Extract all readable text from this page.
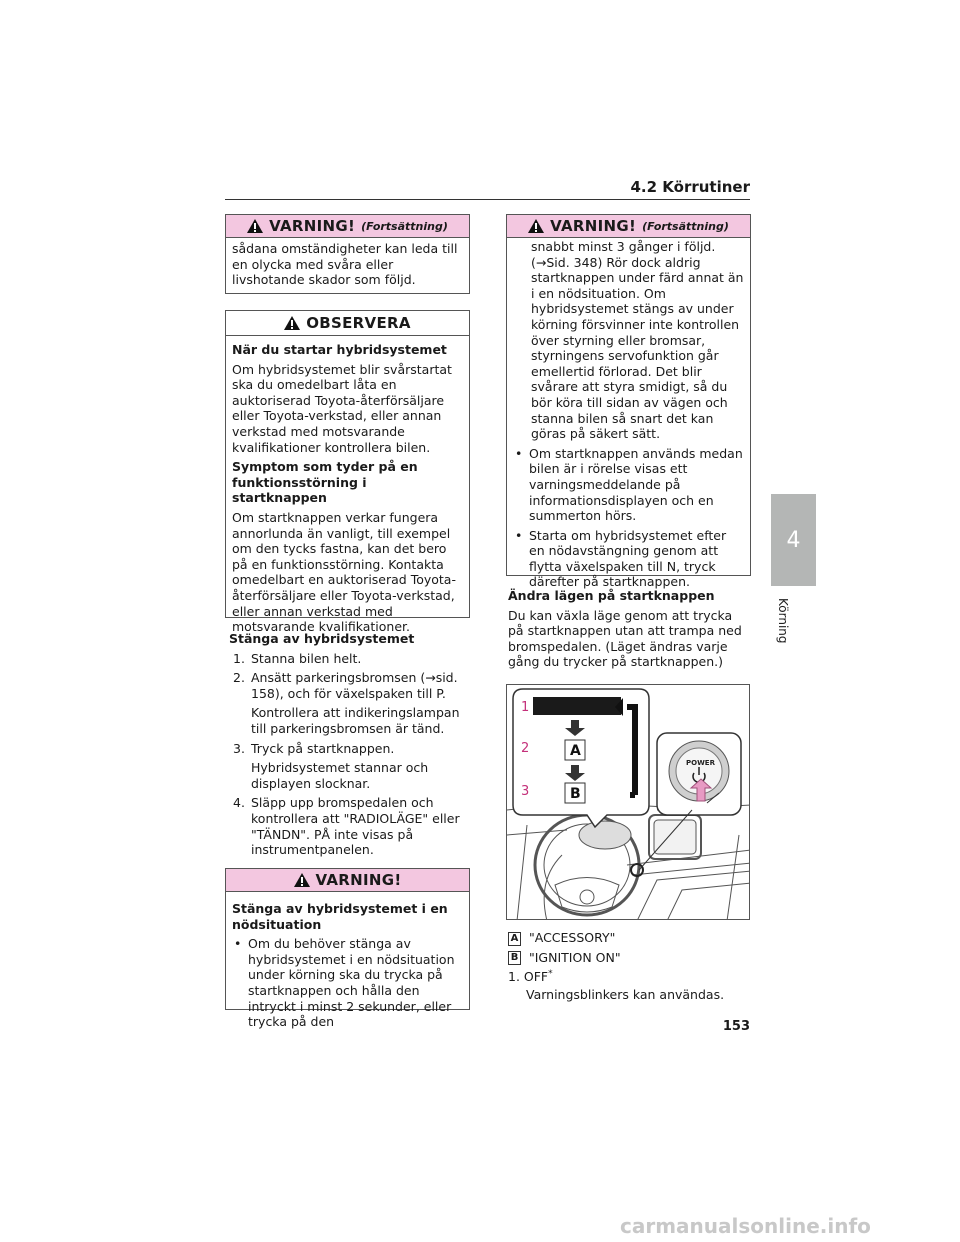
4.2 Körrutiner
VARNING! (Fortsättning)

sådana omständigheter kan leda till en olycka med svåra eller livshotande skador som följd.

OBSERVERA

När du startar hybridsystemet

Om hybridsystemet blir svårstartat ska du omedelbart låta en auktoriserad Toyota-återförsäljare eller Toyota-verkstad, eller annan verkstad med motsvarande kvalifikationer kontrollera bilen.

Symptom som tyder på en funktionsstörning i startknappen

Om startknappen verkar fungera annorlunda än vanligt, till exempel om den tycks fastna, kan det bero på en funktionsstörning. Kontakta omedelbart en auktoriserad Toyota-återförsäljare eller Toyota-verkstad, eller annan verkstad med motsvarande kvalifikationer.

Stänga av hybridsystemet

1. Stanna bilen helt.

2. Ansätt parkeringsbromsen (→sid. 158), och för växelspaken till P.

Kontrollera att indikeringslampan till parkeringsbromsen är tänd.

3. Tryck på startknappen.

Hybridsystemet stannar och displayen slocknar.

4. Släpp upp bromspedalen och kontrollera att "RADIOLÄGE" eller "TÄNDN". PÅ inte visas på instrumentpanelen.

VARNING!

Stänga av hybridsystemet i en nödsituation

• Om du behöver stänga av hybridsystemet i en nödsituation under körning ska du trycka på startknappen och hålla den intryckt i minst 2 sekunder, eller trycka på den

VARNING! (Fortsättning)

snabbt minst 3 gånger i följd. (→Sid. 348) Rör dock aldrig startknappen under färd annat än i en nödsituation. Om hybridsystemet stängs av under körning försvinner inte kontrollen över styrning eller bromsar, styrningens servofunktion går emellertid förlorad. Det blir svårare att styra smidigt, så du bör köra till sidan av vägen och stanna bilen så snart det kan göras på säkert sätt.

• Om startknappen används medan bilen är i rörelse visas ett varningsmeddelande på informationsdisplayen och en summerton hörs.

• Starta om hybridsystemet efter en nödavstängning genom att flytta växelspaken till N, tryck därefter på startknappen.

Ändra lägen på startknappen

Du kan växla läge genom att trycka på startknappen utan att trampa ned bromspedalen. (Läget ändras varje gång du trycker på startknappen.)

1
2
3
A
B
POWER

A "ACCESSORY"

B "IGNITION ON"

1. OFF*

Varningsblinkers kan användas.

4
Körning
153
carmanualsonline.info
